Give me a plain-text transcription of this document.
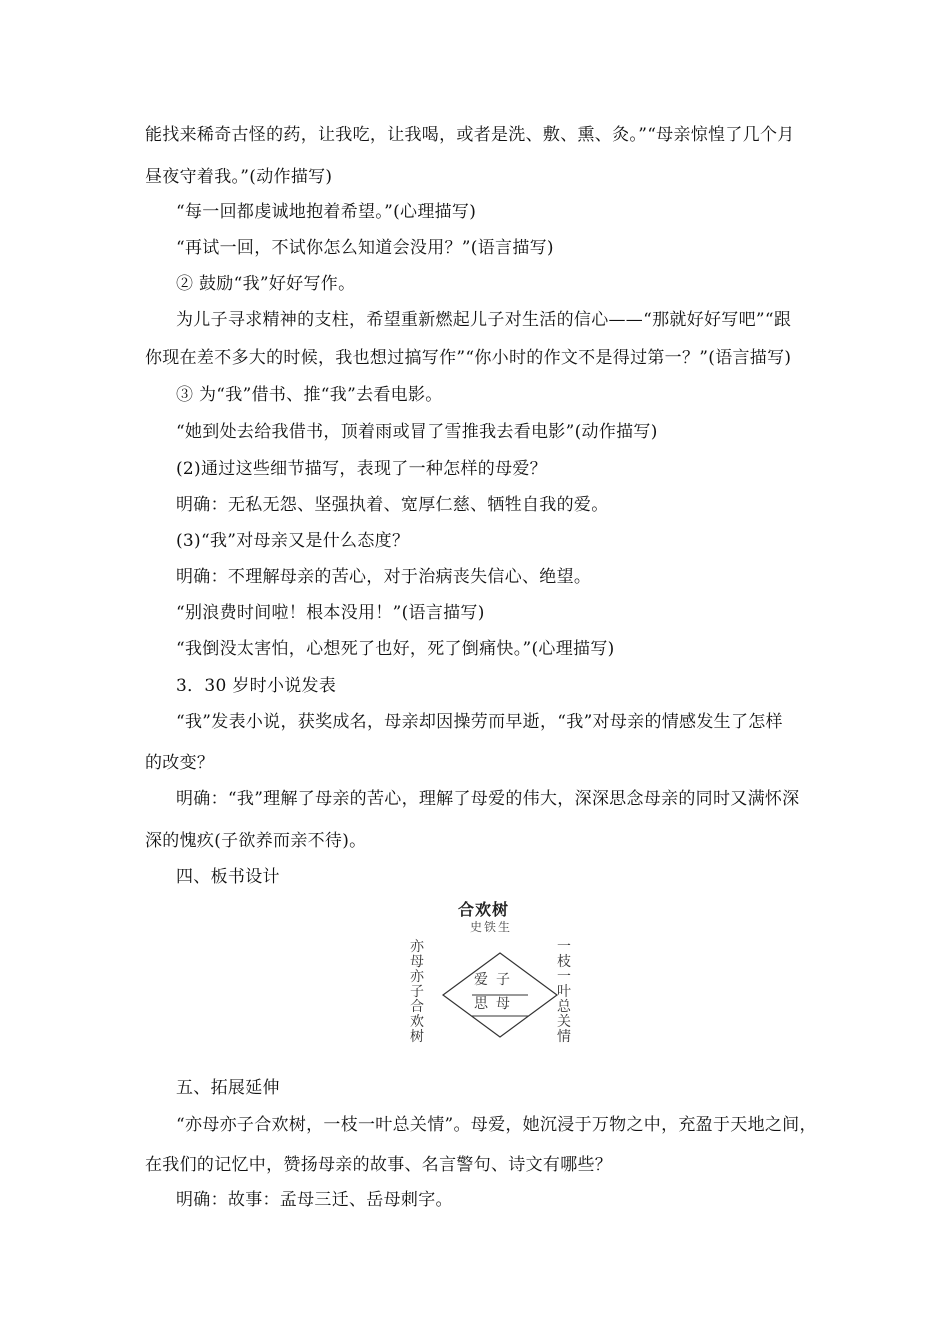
能找来稀奇古怪的药，让我吃，让我喝，或者是洗、敷、熏、灸。”“母亲惊惶了几个月
昼夜守着我。”(动作描写)
“每一回都虔诚地抱着希望。”(心理描写)
“再试一回，不试你怎么知道会没用？”(语言描写)
② 鼓励“我”好好写作。
为儿子寻求精神的支柱，希望重新燃起儿子对生活的信心——“那就好好写吧”“跟
你现在差不多大的时候，我也想过搞写作”“你小时的作文不是得过第一？”(语言描写)
③ 为“我”借书、推“我”去看电影。
“她到处去给我借书，顶着雨或冒了雪推我去看电影”(动作描写)
(2)通过这些细节描写，表现了一种怎样的母爱？
明确：无私无怨、坚强执着、宽厚仁慈、牺牲自我的爱。
(3)“我”对母亲又是什么态度？
明确：不理解母亲的苦心，对于治病丧失信心、绝望。
“别浪费时间啦！根本没用！”(语言描写)
“我倒没太害怕，心想死了也好，死了倒痛快。”(心理描写)
3．30 岁时小说发表
“我”发表小说，获奖成名，母亲却因操劳而早逝，“我”对母亲的情感发生了怎样
的改变？
明确：“我”理解了母亲的苦心，理解了母爱的伟大，深深思念母亲的同时又满怀深
深的愧疚(子欲养而亲不待)。
四、板书设计
合欢树
史铁生
亦母亦子合欢树
一枝一叶总关情
爱子
思母
五、拓展延伸
“亦母亦子合欢树，一枝一叶总关情”。母爱，她沉浸于万物之中，充盈于天地之间，
在我们的记忆中，赞扬母亲的故事、名言警句、诗文有哪些？
明确：故事：孟母三迁、岳母刺字。
